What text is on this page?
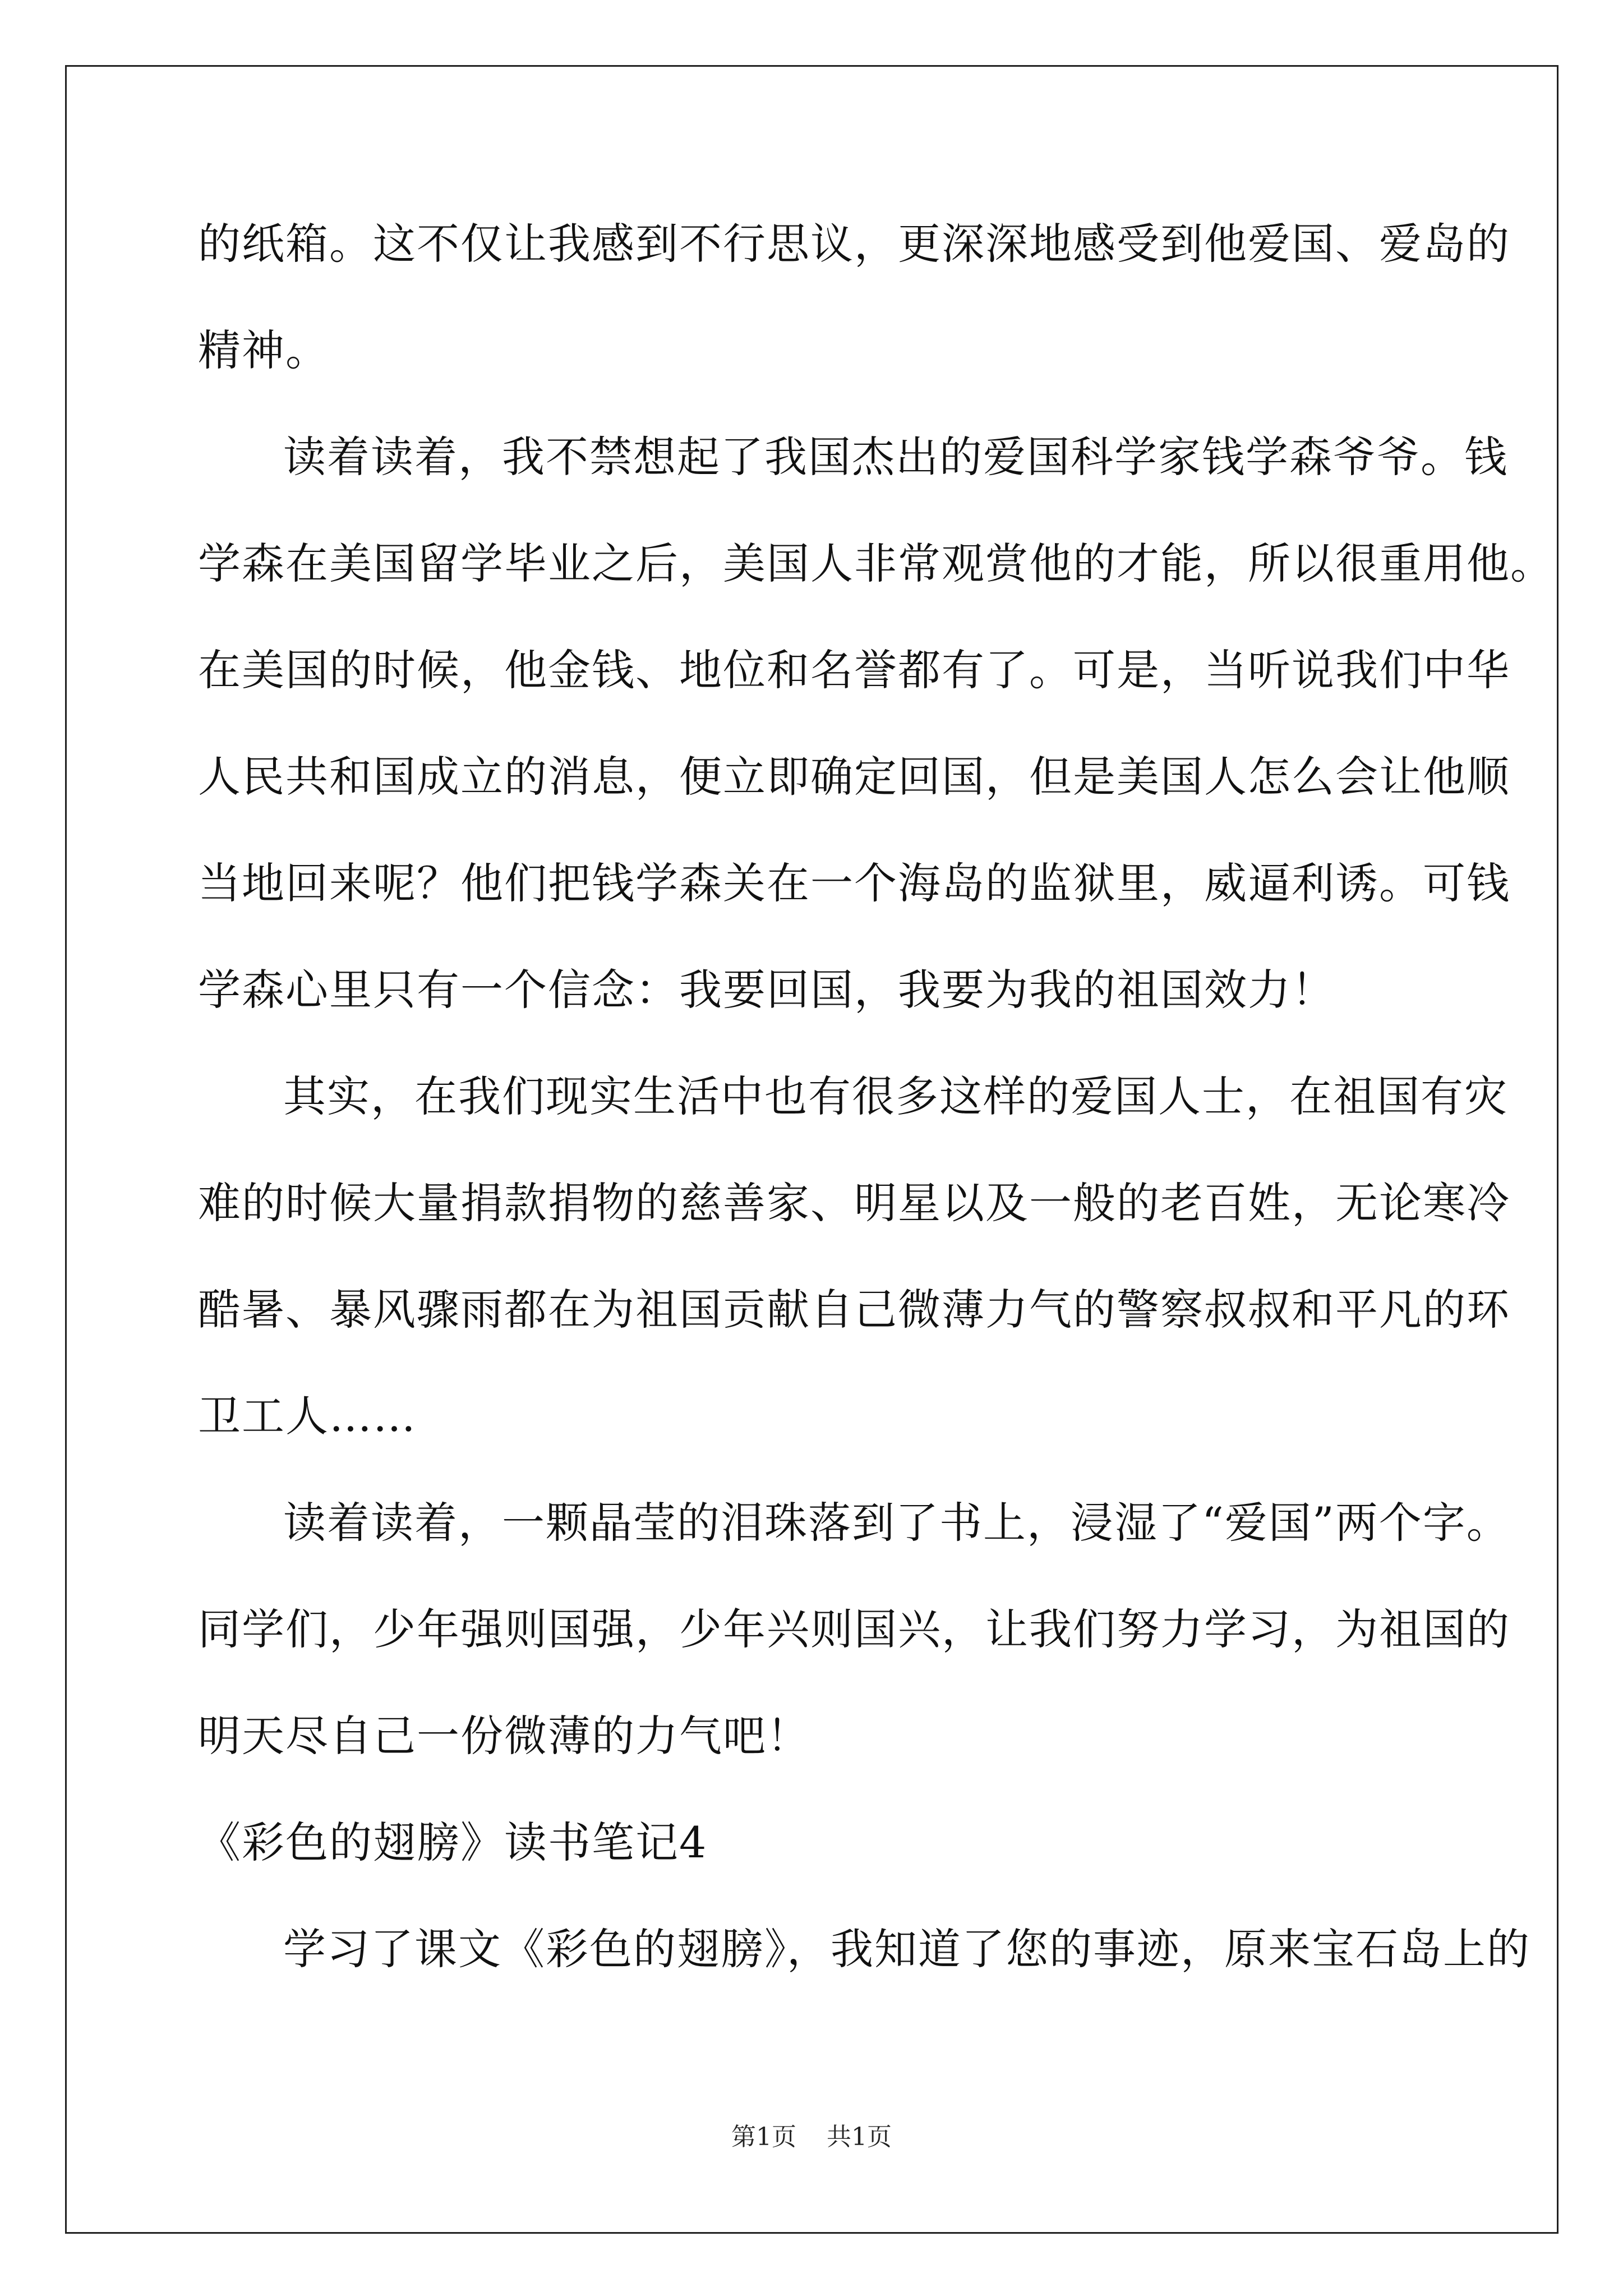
的纸箱。这不仅让我感到不行思议，更深深地感受到他爱国、爱岛的
精神。
读着读着，我不禁想起了我国杰出的爱国科学家钱学森爷爷。钱
学森在美国留学毕业之后，美国人非常观赏他的才能，所以很重用他。
在美国的时候，他金钱、地位和名誉都有了。可是，当听说我们中华
人民共和国成立的消息，便立即确定回国，但是美国人怎么会让他顺
当地回来呢？他们把钱学森关在一个海岛的监狱里，威逼利诱。可钱
学森心里只有一个信念：我要回国，我要为我的祖国效力！
其实，在我们现实生活中也有很多这样的爱国人士，在祖国有灾
难的时候大量捐款捐物的慈善家、明星以及一般的老百姓，无论寒冷
酷暑、暴风骤雨都在为祖国贡献自己微薄力气的警察叔叔和平凡的环
卫工人……
读着读着，一颗晶莹的泪珠落到了书上，浸湿了“爱国”两个字。
同学们，少年强则国强，少年兴则国兴，让我们努力学习，为祖国的
明天尽自己一份微薄的力气吧！
《彩色的翅膀》读书笔记4
学习了课文《彩色的翅膀》，我知道了您的事迹，原来宝石岛上的
第1页 共1页
